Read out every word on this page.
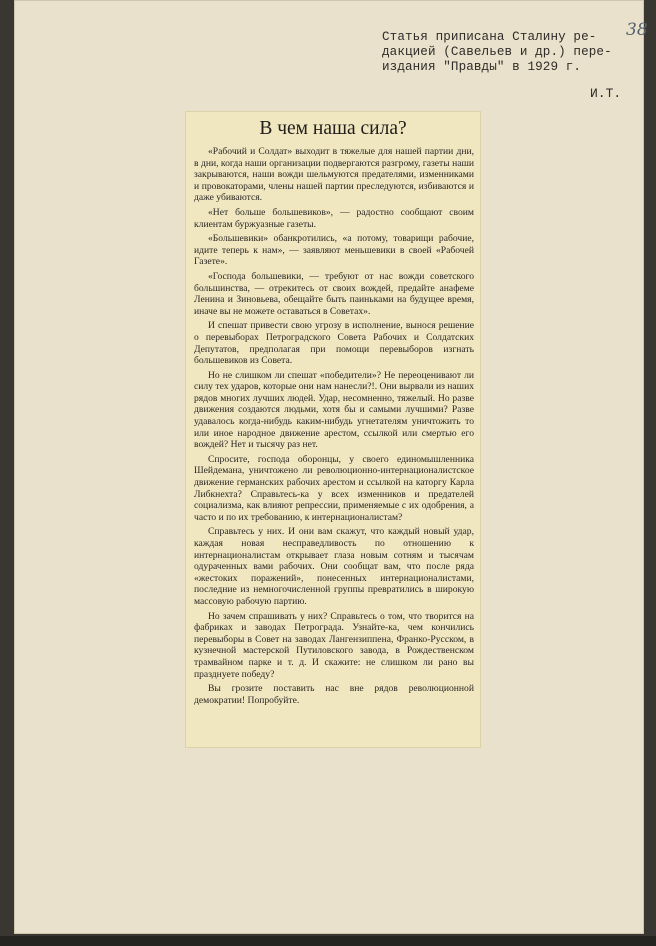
Статья приписана Сталину ре-
дакцией (Савельев и др.) пере-
издания "Правды" в 1929 г.
38
И.Т.
В чем наша сила?

«Рабочий и Солдат» выходит в тяжелые для нашей партии дни, в дни, когда наши организации подвергаются разгрому, газеты наши закрываются, наши вожди шельмуются предателями, изменниками и провокаторами, члены нашей партии преследуются, избиваются и даже убиваются.

«Нет больше большевиков», — радостно сообщают своим клиентам буржуазные газеты.

«Большевики» обанкротились, «а потому, товарищи рабочие, идите теперь к нам», — заявляют меньшевики в своей «Рабочей Газете».

«Господа большевики, — требуют от нас вожди советского большинства, — отрекитесь от своих вождей, предайте анафеме Ленина и Зиновьева, обещайте быть паиньками на будущее время, иначе вы не можете оставаться в Советах».

И спешат привести свою угрозу в исполнение, вынося решение о перевыборах Петроградского Совета Рабочих и Солдатских Депутатов, предполагая при помощи перевыборов изгнать большевиков из Совета.

Но не слишком ли спешат «победители»? Не переоценивают ли силу тех ударов, которые они нам нанесли?!. Они вырвали из наших рядов многих лучших людей. Удар, несомненно, тяжелый. Но разве движения создаются людьми, хотя бы и самыми лучшими? Разве удавалось когда-нибудь каким-нибудь угнетателям уничтожить то или иное народное движение арестом, ссылкой или смертью его вождей? Нет и тысячу раз нет.

Спросите, господа оборонцы, у своего единомышленника Шейдемана, уничтожено ли революционно-интернационалистское движение германских рабочих арестом и ссылкой на каторгу Карла Либкнехта? Справьтесь-ка у всех изменников и предателей социализма, как влияют репрессии, применяемые с их одобрения, а часто и по их требованию, к интернационалистам?

Справьтесь у них. И они вам скажут, что каждый новый удар, каждая новая несправедливость по отношению к интернационалистам открывает глаза новым сотням и тысячам одураченных вами рабочих. Они сообщат вам, что после ряда «жестоких поражений», понесенных интернационалистами, последние из немногочисленной группы превратились в широкую массовую рабочую партию.

Но зачем спрашивать у них? Справьтесь о том, что творится на фабриках и заводах Петрограда. Узнайте-ка, чем кончились перевыборы в Совет на заводах Лангензиппена, Франко-Русском, в кузнечной мастерской Путиловского завода, в Рождественском трамвайном парке и т. д. И скажите: не слишком ли рано вы празднуете победу?

Вы грозите поставить нас вне рядов революционной демократии! Попробуйте.
